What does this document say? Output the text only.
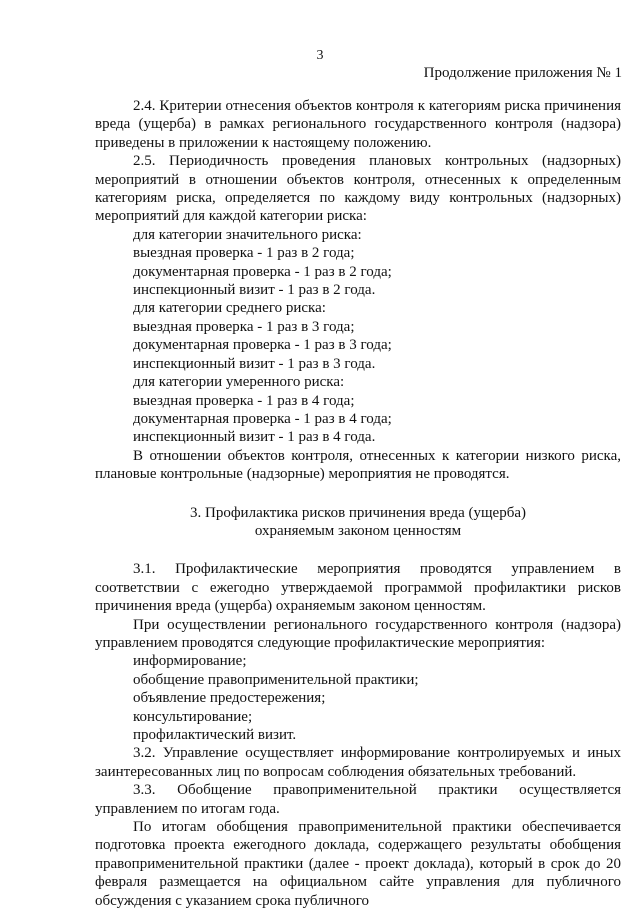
3
Продолжение приложения № 1

2.4. Критерии отнесения объектов контроля к категориям риска причинения вреда (ущерба) в рамках регионального государственного контроля (надзора) приведены в приложении к настоящему положению.

2.5. Периодичность проведения плановых контрольных (надзорных) мероприятий в отношении объектов контроля, отнесенных к определенным категориям риска, определяется по каждому виду контрольных (надзорных) мероприятий для каждой категории риска:

для категории значительного риска:

выездная проверка - 1 раз в 2 года;

документарная проверка - 1 раз в 2 года;

инспекционный визит - 1 раз в 2 года.

для категории среднего риска:

выездная проверка - 1 раз в 3 года;

документарная проверка - 1 раз в 3 года;

инспекционный визит - 1 раз в 3 года.

для категории умеренного риска:

выездная проверка - 1 раз в 4 года;

документарная проверка - 1 раз в 4 года;

инспекционный визит - 1 раз в 4 года.

В отношении объектов контроля, отнесенных к категории низкого риска, плановые контрольные (надзорные) мероприятия не проводятся.

3. Профилактика рисков причинения вреда (ущерба)
охраняемым законом ценностям

3.1. Профилактические мероприятия проводятся управлением в соответствии с ежегодно утверждаемой программой профилактики рисков причинения вреда (ущерба) охраняемым законом ценностям.

При осуществлении регионального государственного контроля (надзора) управлением проводятся следующие профилактические мероприятия:

информирование;

обобщение правоприменительной практики;

объявление предостережения;

консультирование;

профилактический визит.

3.2. Управление осуществляет информирование контролируемых и иных заинтересованных лиц по вопросам соблюдения обязательных требований.

3.3. Обобщение правоприменительной практики осуществляется управлением по итогам года.

По итогам обобщения правоприменительной практики обеспечивается подготовка проекта ежегодного доклада, содержащего результаты обобщения правоприменительной практики (далее - проект доклада), который в срок до 20 февраля размещается на официальном сайте управления для публичного обсуждения с указанием срока публичного
